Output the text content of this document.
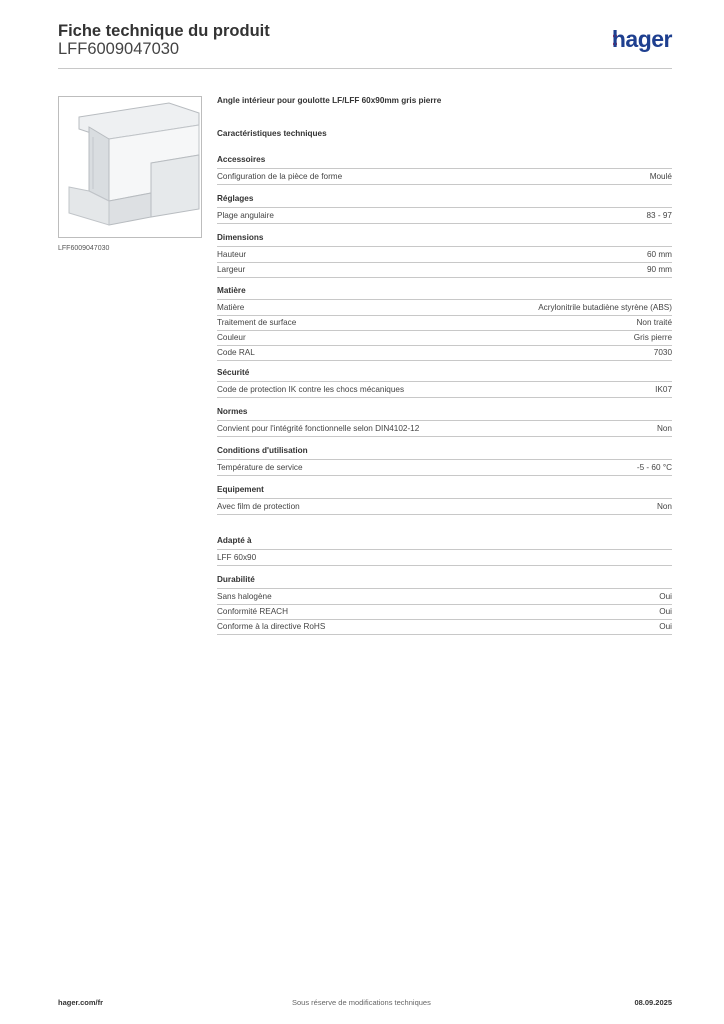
Fiche technique du produit
LFF6009047030	hager
LFF6009047030
Angle intérieur pour goulotte LF/LFF 60x90mm gris pierre
Caractéristiques techniques
Accessoires
Configuration de la pièce de forme	Moulé
Réglages
Plage angulaire	83 - 97
Dimensions
Hauteur	60 mm
Largeur	90 mm
Matière
Matière	Acrylonitrile butadiène styrène (ABS)
Traitement de surface	Non traité
Couleur	Gris pierre
Code RAL	7030
Sécurité
Code de protection IK contre les chocs mécaniques	IK07
Normes
Convient pour l'intégrité fonctionnelle selon DIN4102-12	Non
Conditions d'utilisation
Température de service	-5 - 60 °C
Equipement
Avec film de protection	Non
Adapté à
LFF 60x90
Durabilité
Sans halogène	Oui
Conformité REACH	Oui
Conforme à la directive RoHS	Oui
hager.com/fr	Sous réserve de modifications techniques	08.09.2025
